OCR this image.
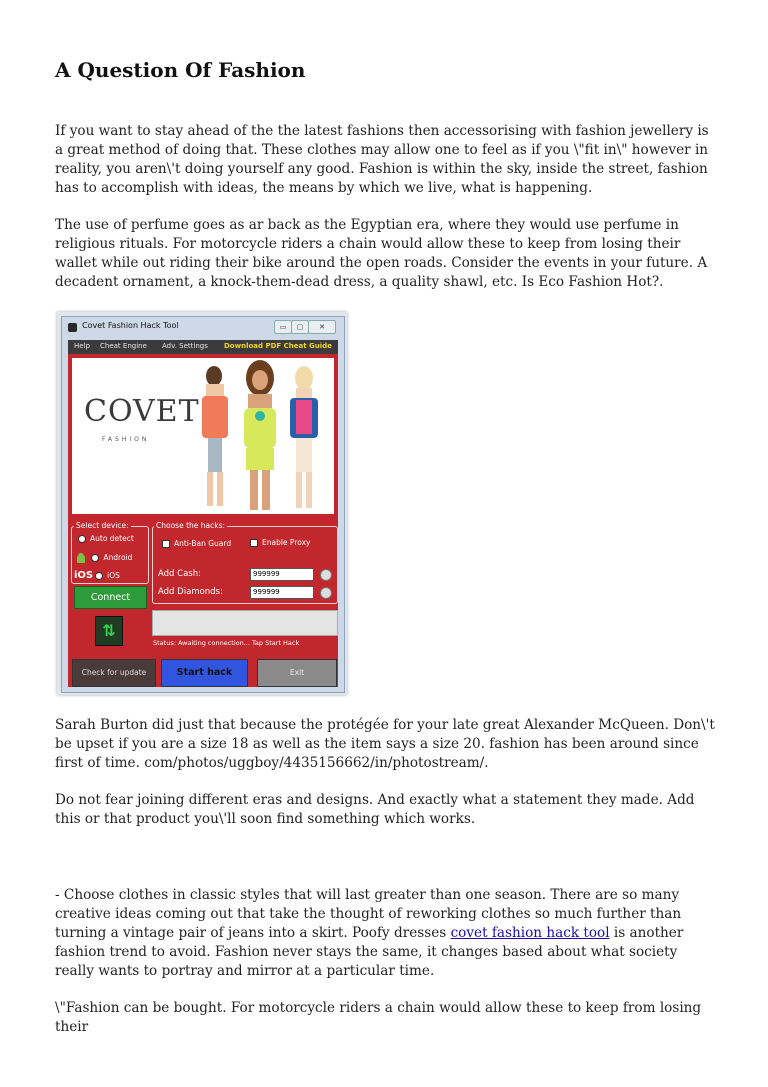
A Question Of Fashion

If you want to stay ahead of the the latest fashions then accessorising with fashion jewellery is a great method of doing that. These clothes may allow one to feel as if you \"fit in\" however in reality, you aren\'t doing yourself any good. Fashion is within the sky, inside the street, fashion has to accomplish with ideas, the means by which we live, what is happening.

The use of perfume goes as ar back as the Egyptian era, where they would use perfume in religious rituals. For motorcycle riders a chain would allow these to keep from losing their wallet while out riding their bike around the open roads. Consider the events in your future. A decadent ornament, a knock-them-dead dress, a quality shawl, etc. Is Eco Fashion Hot?.

Covet Fashion Hack Tool	▭	▢	✕
Help Cheat Engine Adv. Settings Download PDF Cheat Guide
COVET
FASHION
Select device:
Auto detect
Android
iOS iOS
Choose the hacks:
Anti-Ban Guard	Enable Proxy
Add Cash:	999999
Add Diamonds:	999999
Connect
⇅
Status: Awaiting connection... Tap Start Hack
Check for update	Start hack	Exit

Sarah Burton did just that because the protégée for your late great Alexander McQueen. Don\'t be upset if you are a size 18 as well as the item says a size 20. fashion has been around since first of time. com/photos/uggboy/4435156662/in/photostream/.

Do not fear joining different eras and designs. And exactly what a statement they made. Add this or that product you\'ll soon find something which works.

- Choose clothes in classic styles that will last greater than one season. There are so many creative ideas coming out that take the thought of reworking clothes so much further than turning a vintage pair of jeans into a skirt. Poofy dresses covet fashion hack tool is another fashion trend to avoid. Fashion never stays the same, it changes based about what society really wants to portray and mirror at a particular time.

\"Fashion can be bought. For motorcycle riders a chain would allow these to keep from losing their
